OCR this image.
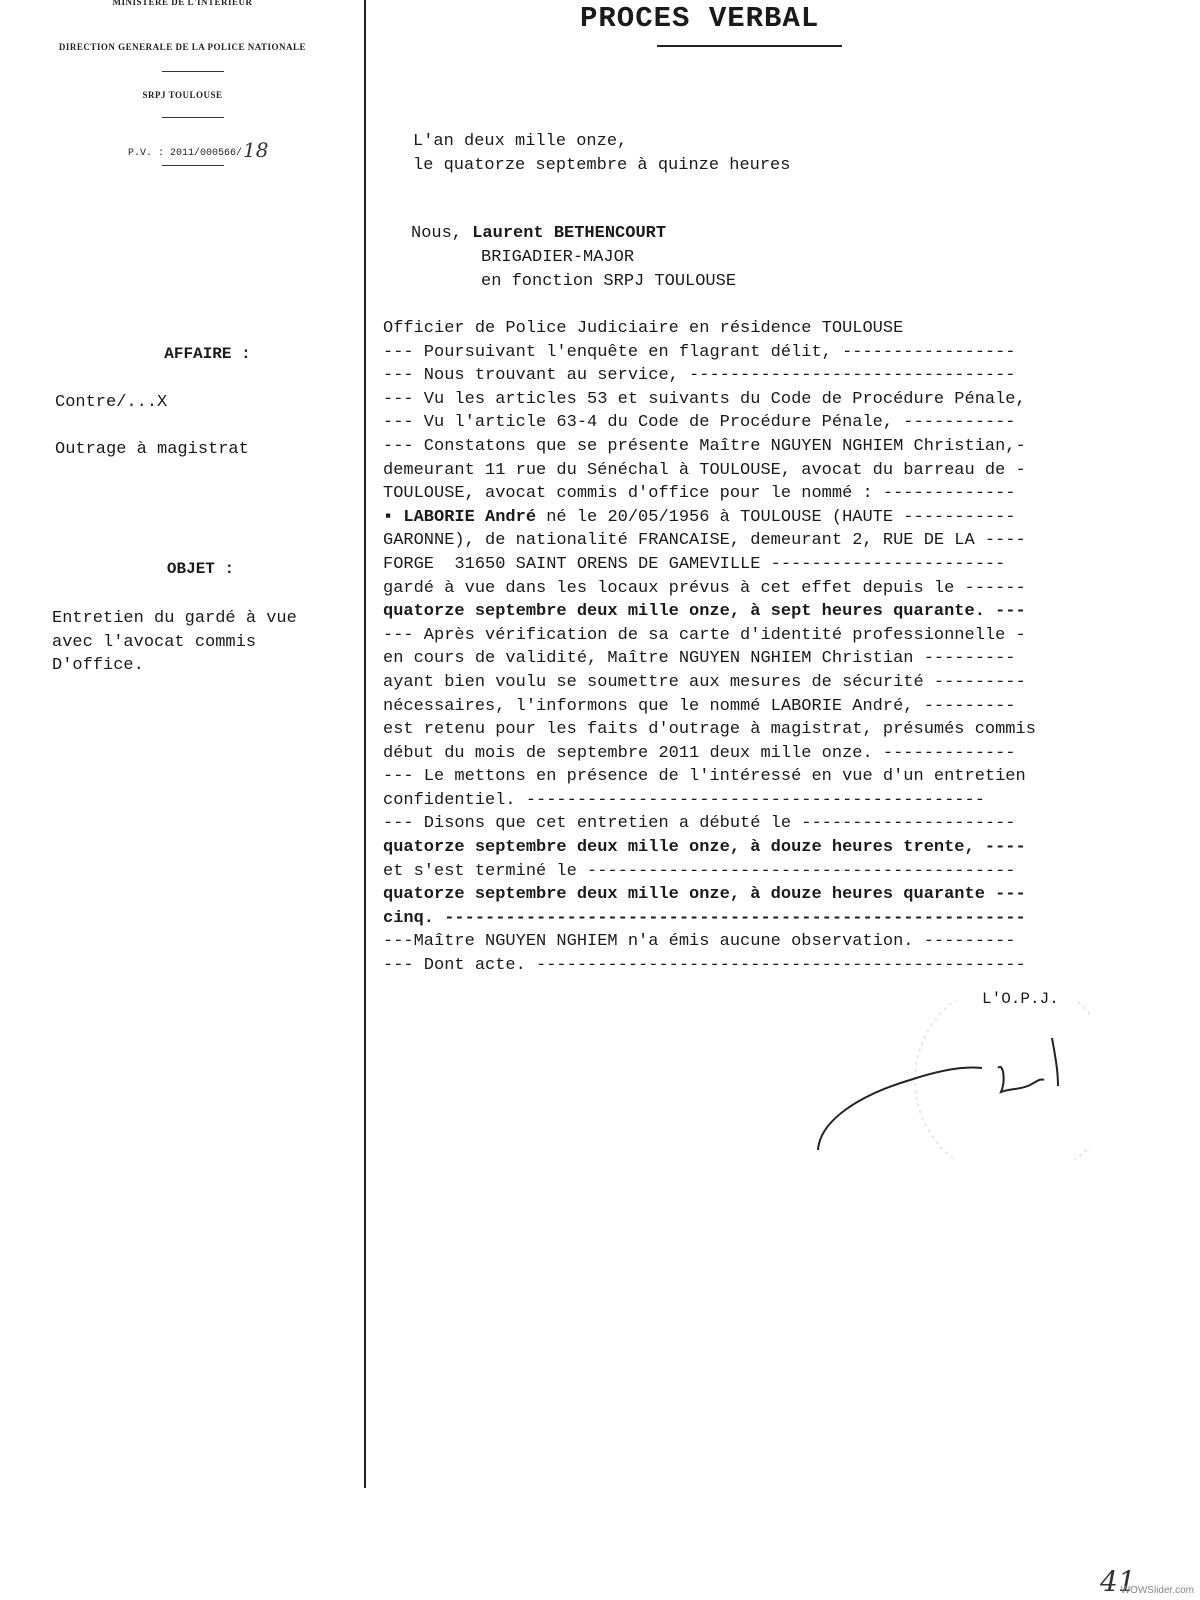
MINISTERE DE L'INTERIEUR
DIRECTION GENERALE DE LA POLICE NATIONALE
SRPJ TOULOUSE
P.V. : 2011/000566/18
AFFAIRE :
Contre/...X
Outrage à magistrat
OBJET :
Entretien du gardé à vue
avec l'avocat commis
D'office.
PROCES VERBAL
L'an deux mille onze,
le quatorze septembre à quinze heures
Nous, Laurent BETHENCOURT
BRIGADIER-MAJOR
en fonction SRPJ TOULOUSE
Officier de Police Judiciaire en résidence TOULOUSE
--- Poursuivant l'enquête en flagrant délit, -----------------
--- Nous trouvant au service, --------------------------------
--- Vu les articles 53 et suivants du Code de Procédure Pénale,
--- Vu l'article 63-4 du Code de Procédure Pénale, -----------
--- Constatons que se présente Maître NGUYEN NGHIEM Christian,-
demeurant 11 rue du Sénéchal à TOULOUSE, avocat du barreau de -
TOULOUSE, avocat commis d'office pour le nommé : -------------
▪ LABORIE André né le 20/05/1956 à TOULOUSE (HAUTE -----------
GARONNE), de nationalité FRANCAISE, demeurant 2, RUE DE LA ----
FORGE  31650 SAINT ORENS DE GAMEVILLE -----------------------
gardé à vue dans les locaux prévus à cet effet depuis le ------
quatorze septembre deux mille onze, à sept heures quarante. ---
--- Après vérification de sa carte d'identité professionnelle -
en cours de validité, Maître NGUYEN NGHIEM Christian ---------
ayant bien voulu se soumettre aux mesures de sécurité ---------
nécessaires, l'informons que le nommé LABORIE André, ---------
est retenu pour les faits d'outrage à magistrat, présumés commis
début du mois de septembre 2011 deux mille onze. -------------
--- Le mettons en présence de l'intéressé en vue d'un entretien
confidentiel. ---------------------------------------------
--- Disons que cet entretien a débuté le ---------------------
quatorze septembre deux mille onze, à douze heures trente, ----
et s'est terminé le ------------------------------------------
quatorze septembre deux mille onze, à douze heures quarante ---
cinq. ---------------------------------------------------------
---Maître NGUYEN NGHIEM n'a émis aucune observation. ---------
--- Dont acte. ------------------------------------------------
L'O.P.J.
41
WOWSlider.com
